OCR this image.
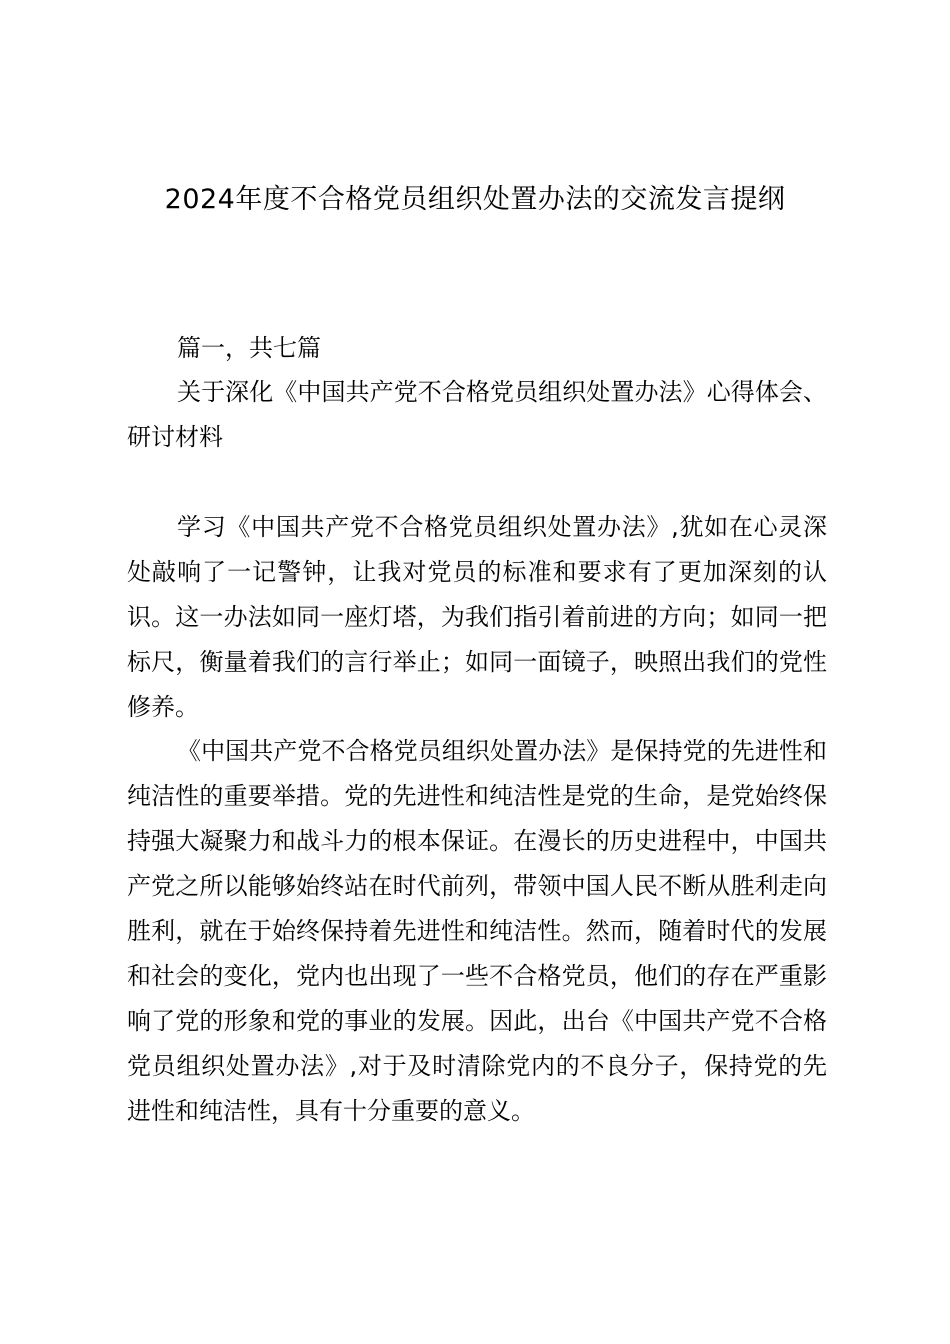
2024年度不合格党员组织处置办法的交流发言提纲

篇一，共七篇

关于深化《中国共产党不合格党员组织处置办法》心得体会、研讨材料

学习《中国共产党不合格党员组织处置办法》,犹如在心灵深处敲响了一记警钟，让我对党员的标准和要求有了更加深刻的认识。这一办法如同一座灯塔，为我们指引着前进的方向；如同一把标尺，衡量着我们的言行举止；如同一面镜子，映照出我们的党性修养。

《中国共产党不合格党员组织处置办法》是保持党的先进性和纯洁性的重要举措。党的先进性和纯洁性是党的生命，是党始终保持强大凝聚力和战斗力的根本保证。在漫长的历史进程中，中国共产党之所以能够始终站在时代前列，带领中国人民不断从胜利走向胜利，就在于始终保持着先进性和纯洁性。然而，随着时代的发展和社会的变化，党内也出现了一些不合格党员，他们的存在严重影响了党的形象和党的事业的发展。因此，出台《中国共产党不合格党员组织处置办法》,对于及时清除党内的不良分子，保持党的先进性和纯洁性，具有十分重要的意义。
